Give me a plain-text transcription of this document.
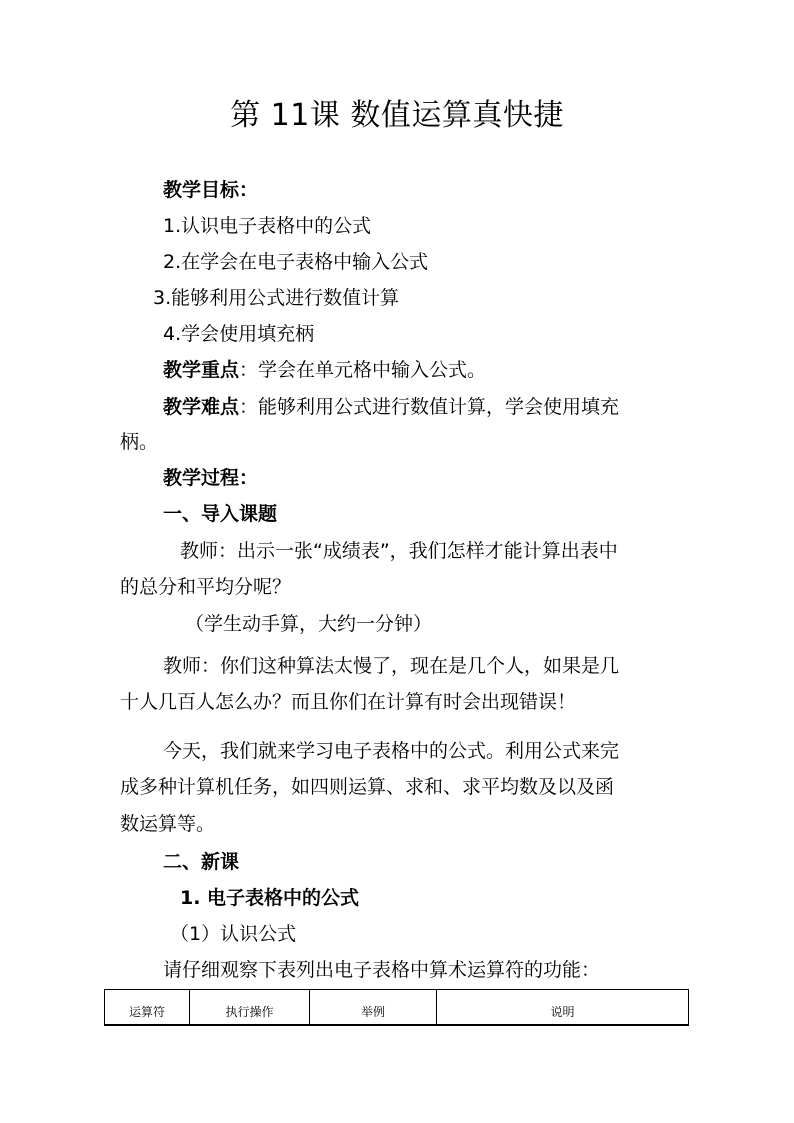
第 11课 数值运算真快捷
教学目标：
1.认识电子表格中的公式
2.在学会在电子表格中输入公式
3.能够利用公式进行数值计算
4.学会使用填充柄
教学重点：学会在单元格中输入公式。
教学难点：能够利用公式进行数值计算，学会使用填充
柄。
教学过程：
一、导入课题
教师：出示一张“成绩表”，我们怎样才能计算出表中
的总分和平均分呢？
（学生动手算，大约一分钟）
教师：你们这种算法太慢了，现在是几个人，如果是几
十人几百人怎么办？而且你们在计算有时会出现错误！
今天，我们就来学习电子表格中的公式。利用公式来完
成多种计算机任务，如四则运算、求和、求平均数及以及函
数运算等。
二、新课
1. 电子表格中的公式
（1）认识公式
请仔细观察下表列出电子表格中算术运算符的功能：
运算符	执行操作	举例	说明
